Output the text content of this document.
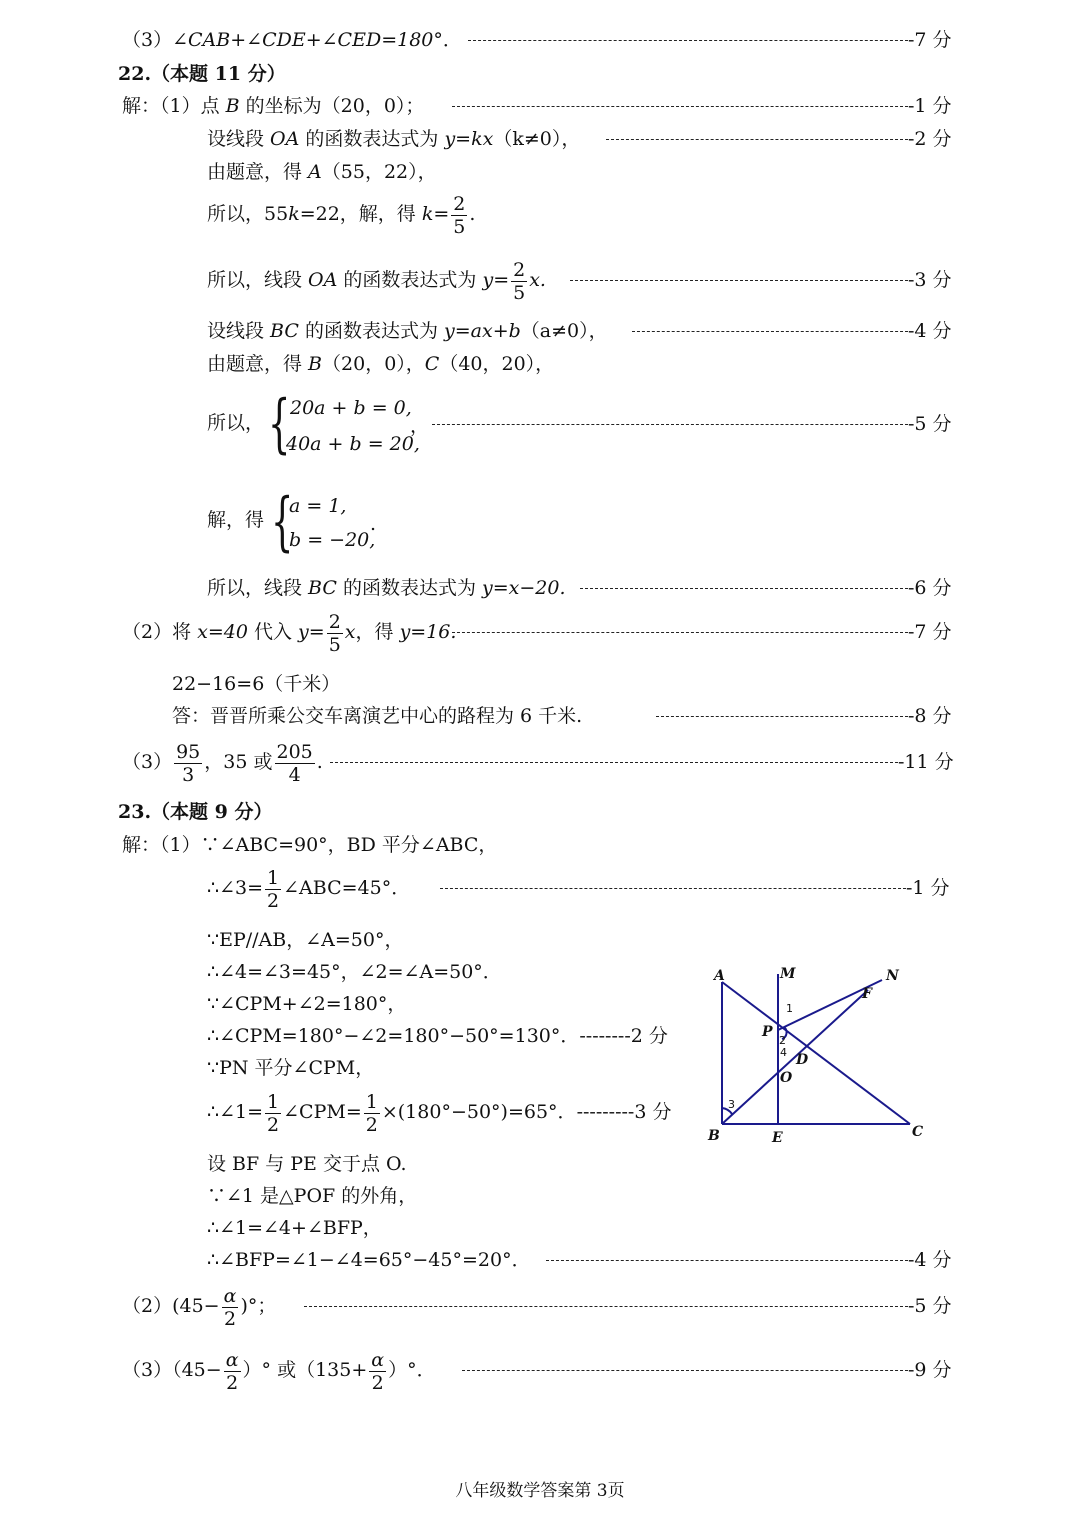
（3）∠CAB+∠CDE+∠CED=180°．	-7 分
22.（本题 11 分）
解：（1）点 B 的坐标为（20，0）；	-1 分
设线段 OA 的函数表达式为 y=kx（k≠0），	-2 分
由题意，得 A（55，22），
所以，55k=22，解，得 $k= \frac{2}{5}$ .
所以，线段 OA 的函数表达式为 $y= \frac{2}{5} x$.	-3 分
设线段 BC 的函数表达式为 y=ax+b（a≠0），	-4 分
由题意，得 B（20，0），C（40，20），
所以， { 20a + b = 0,
40a + b = 20,
，	-5 分
解，得 {
a = 1,
b = −20,
.
所以，线段 BC 的函数表达式为 y=x−20.	-6 分
（2）将 x=40 代入 $y= \frac{2}{5}$ x，得 y=16.	-7 分
22−16=6（千米）
答：晋晋所乘公交车离演艺中心的路程为 6 千米.	-8 分
$(3) \frac{95}{3}$ ，35 或 $\frac{205}{4}$ .	-11 分
23.（本题 9 分）
解：（1）∵∠ABC=90°，BD 平分∠ABC，
∴∠3= $\frac{1}{2}$ ∠ABC=45°．	-1 分
∵EP//AB，∠A=50°，
∴∠4=∠3=45°，∠2=∠A=50°．
∵∠CPM+∠2=180°，
∴∠CPM=180°−∠2=180°−50°=130°．--------2 分
∵PN 平分∠CPM，
∴∠1= $\frac{1}{2}$ ∠CPM= $\frac{1}{2} \times(180^\circ-50^\circ)=65^\circ$．---------3 分
设 BF 与 PE 交于点 O.
∵∠1 是△POF 的外角，
∴∠1=∠4+∠BFP，
∴∠BFP=∠1−∠4=65°−45°=20°．	-4 分
$(2)(45- \frac{\alpha}{2}$ )°；	-5 分
$(3)(45- \frac{\alpha}{2}$ ）° 或（$135+ \frac{\alpha}{2}$ ）°．	-9 分
A	M	N
F
P
D
O
B	E	C
1
2
3
4
八年级数学答案第 3页
